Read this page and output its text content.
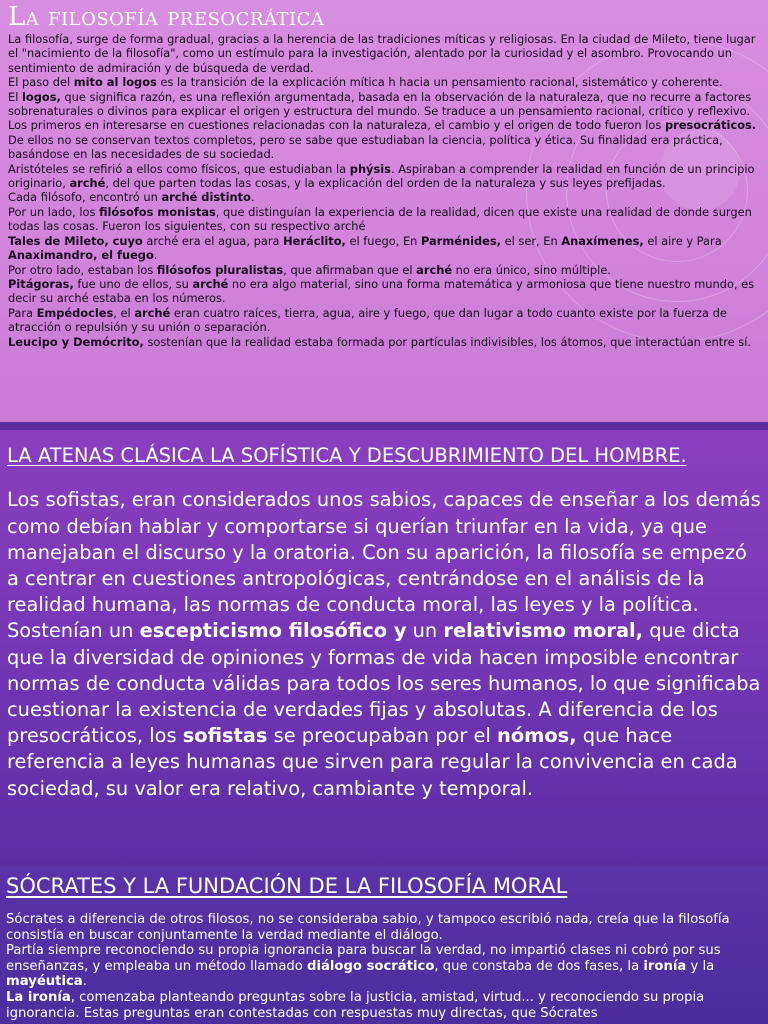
La filosofía presocrática

La filosofía, surge de forma gradual, gracias a la herencia de las tradiciones míticas y religiosas. En la ciudad de Mileto, tiene lugar el "nacimiento de la filosofía", como un estímulo para la investigación, alentado por la curiosidad y el asombro. Provocando un sentimiento de admiración y de búsqueda de verdad.

El paso del mito al logos es la transición de la explicación mítica h hacia un pensamiento racional, sistemático y coherente.

El logos, que significa razón, es una reflexión argumentada, basada en la observación de la naturaleza, que no recurre a factores sobrenaturales o divinos para explicar el origen y estructura del mundo. Se traduce a un pensamiento racional, crítico y reflexivo.

Los primeros en interesarse en cuestiones relacionadas con la naturaleza, el cambio y el origen de todo fueron los presocráticos. De ellos no se conservan textos completos, pero se sabe que estudiaban la ciencia, política y ética. Su finalidad era práctica, basándose en las necesidades de su sociedad.

Aristóteles se refirió a ellos como físicos, que estudiaban la phýsis. Aspiraban a comprender la realidad en función de un principio originario, arché, del que parten todas las cosas, y la explicación del orden de la naturaleza y sus leyes prefijadas.

Cada filósofo, encontró un arché distinto.

Por un lado, los filósofos monistas, que distinguían la experiencia de la realidad, dicen que existe una realidad de donde surgen todas las cosas. Fueron los siguientes, con su respectivo arché

Tales de Mileto, cuyo arché era el agua, para Heráclito, el fuego, En Parménides, el ser, En Anaxímenes, el aire y Para Anaximandro, el fuego.

Por otro lado, estaban los filósofos pluralistas, que afirmaban que el arché no era único, sino múltiple.

Pitágoras, fue uno de ellos, su arché no era algo material, sino una forma matemática y armoniosa que tiene nuestro mundo, es decir su arché estaba en los números.

Para Empédocles, el arché eran cuatro raíces, tierra, agua, aire y fuego, que dan lugar a todo cuanto existe por la fuerza de atracción o repulsión y su unión o separación.

Leucipo y Demócrito, sostenían que la realidad estaba formada por partículas indivisibles, los átomos, que interactúan entre sí.

LA ATENAS CLÁSICA LA SOFÍSTICA Y DESCUBRIMIENTO DEL HOMBRE.

Los sofistas, eran considerados unos sabios, capaces de enseñar a los demás como debían hablar y comportarse si querían triunfar en la vida, ya que manejaban el discurso y la oratoria. Con su aparición, la filosofía se empezó a centrar en cuestiones antropológicas, centrándose en el análisis de la realidad humana, las normas de conducta moral, las leyes y la política. Sostenían un escepticismo filosófico y un relativismo moral, que dicta que la diversidad de opiniones y formas de vida hacen imposible encontrar normas de conducta válidas para todos los seres humanos, lo que significaba cuestionar la existencia de verdades fijas y absolutas. A diferencia de los presocráticos, los sofistas se preocupaban por el nómos, que hace referencia a leyes humanas que sirven para regular la convivencia en cada sociedad, su valor era relativo, cambiante y temporal.

SÓCRATES Y LA FUNDACIÓN DE LA FILOSOFÍA MORAL

Sócrates a diferencia de otros filosos, no se consideraba sabio, y tampoco escribió nada, creía que la filosofía consistía en buscar conjuntamente la verdad mediante el diálogo.

Partía siempre reconociendo su propia ignorancia para buscar la verdad, no impartió clases ni cobró por sus enseñanzas, y empleaba un método llamado diálogo socrático, que constaba de dos fases, la ironía y la mayéutica.

La ironía, comenzaba planteando preguntas sobre la justicia, amistad, virtud... y reconociendo su propia ignorancia. Estas preguntas eran contestadas con respuestas muy directas, que Sócrates
